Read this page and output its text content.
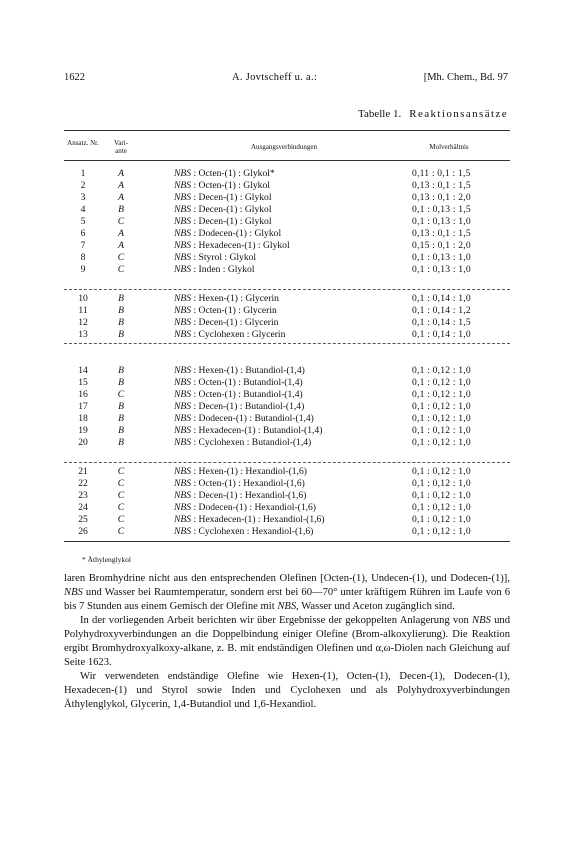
1622	A. Jovtscheff u. a.:	[Mh. Chem., Bd. 97
Tabelle 1. Reaktionsansätze
Ansatz. Nr.	Vari- ante	Ausgangsverbindungen	Molverhältnis
1	A	NBS : Octen-(1) : Glykol*	0,11 : 0,1 : 1,5
2	A	NBS : Octen-(1) : Glykol	0,13 : 0,1 : 1,5
3	A	NBS : Decen-(1) : Glykol	0,13 : 0,1 : 2,0
4	B	NBS : Decen-(1) : Glykol	0,1 : 0,13 : 1,5
5	C	NBS : Decen-(1) : Glykol	0,1 : 0,13 : 1,0
6	A	NBS : Dodecen-(1) : Glykol	0,13 : 0,1 : 1,5
7	A	NBS : Hexadecen-(1) : Glykol	0,15 : 0,1 : 2,0
8	C	NBS : Styrol : Glykol	0,1 : 0,13 : 1,0
9	C	NBS : Inden : Glykol	0,1 : 0,13 : 1,0
10	B	NBS : Hexen-(1) : Glycerin	0,1 : 0,14 : 1,0
11	B	NBS : Octen-(1) : Glycerin	0,1 : 0,14 : 1,2
12	B	NBS : Decen-(1) : Glycerin	0,1 : 0,14 : 1,5
13	B	NBS : Cyclohexen : Glycerin	0,1 : 0,14 : 1,0
14	B	NBS : Hexen-(1) : Butandiol-(1,4)	0,1 : 0,12 : 1,0
15	B	NBS : Octen-(1) : Butandiol-(1,4)	0,1 : 0,12 : 1,0
16	C	NBS : Octen-(1) : Butandiol-(1,4)	0,1 : 0,12 : 1,0
17	B	NBS : Decen-(1) : Butandiol-(1,4)	0,1 : 0,12 : 1,0
18	B	NBS : Dodecen-(1) : Butandiol-(1,4)	0,1 : 0,12 : 1,0
19	B	NBS : Hexadecen-(1) : Butandiol-(1,4)	0,1 : 0,12 : 1,0
20	B	NBS : Cyclohexen : Butandiol-(1,4)	0,1 : 0,12 : 1,0
21	C	NBS : Hexen-(1) : Hexandiol-(1,6)	0,1 : 0,12 : 1,0
22	C	NBS : Octen-(1) : Hexandiol-(1,6)	0,1 : 0,12 : 1,0
23	C	NBS : Decen-(1) : Hexandiol-(1,6)	0,1 : 0,12 : 1,0
24	C	NBS : Dodecen-(1) : Hexandiol-(1,6)	0,1 : 0,12 : 1,0
25	C	NBS : Hexadecen-(1) : Hexandiol-(1,6)	0,1 : 0,12 : 1,0
26	C	NBS : Cyclohexen : Hexandiol-(1,6)	0,1 : 0,12 : 1,0
* Äthylenglykol

laren Bromhydrine nicht aus den entsprechenden Olefinen [Octen-(1), Undecen-(1), und Dodecen-(1)], NBS und Wasser bei Raumtemperatur, sondern erst bei 60—70° unter kräftigem Rühren im Laufe von 6 bis 7 Stunden aus einem Gemisch der Olefine mit NBS, Wasser und Aceton zugänglich sind.

In der vorliegenden Arbeit berichten wir über Ergebnisse der gekoppelten Anlagerung von NBS und Polyhydroxyverbindungen an die Doppelbindung einiger Olefine (Brom-alkoxylierung). Die Reaktion ergibt Bromhydroxyalkoxy-alkane, z. B. mit endständigen Olefinen und α,ω-Diolen nach Gleichung auf Seite 1623.

Wir verwendeten endständige Olefine wie Hexen-(1), Octen-(1), Decen-(1), Dodecen-(1), Hexadecen-(1) und Styrol sowie Inden und Cyclohexen und als Polyhydroxyverbindungen Äthylenglykol, Glycerin, 1,4-Butandiol und 1,6-Hexandiol.
